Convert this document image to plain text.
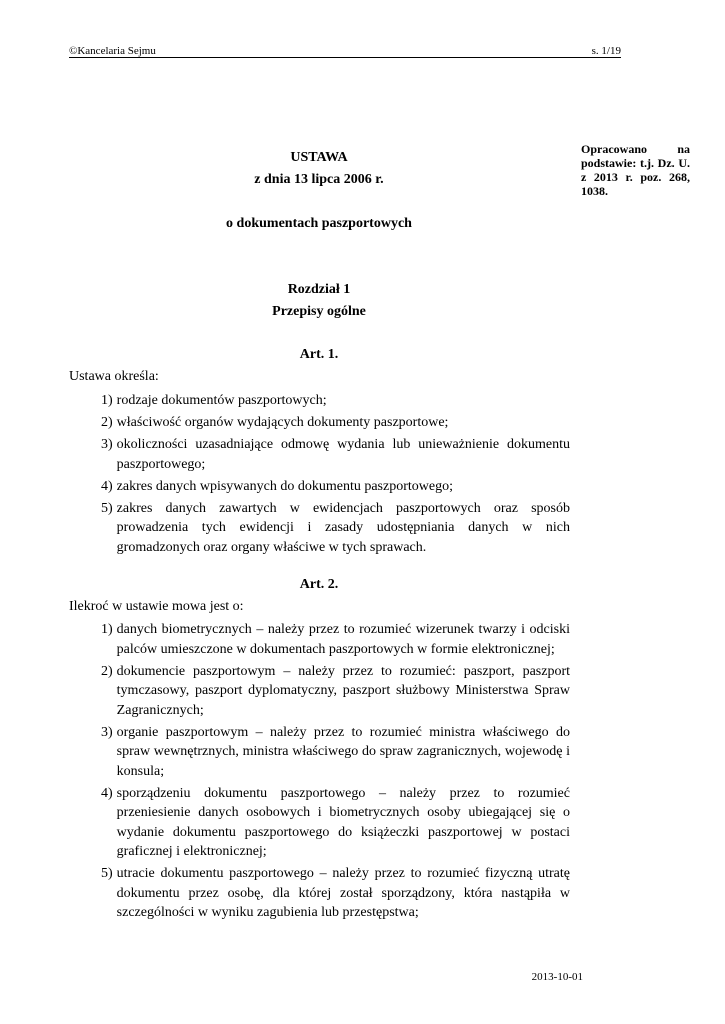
©Kancelaria Sejmu	s. 1/19
Opracowano na podstawie: t.j. Dz. U. z 2013 r. poz. 268, 1038.
USTAWA
z dnia 13 lipca 2006 r.
o dokumentach paszportowych
Rozdział 1
Przepisy ogólne
Art. 1.
Ustawa określa:
1) rodzaje dokumentów paszportowych;
2) właściwość organów wydających dokumenty paszportowe;
3) okoliczności uzasadniające odmowę wydania lub unieważnienie dokumentu paszportowego;
4) zakres danych wpisywanych do dokumentu paszportowego;
5) zakres danych zawartych w ewidencjach paszportowych oraz sposób prowadzenia tych ewidencji i zasady udostępniania danych w nich gromadzonych oraz organy właściwe w tych sprawach.
Art. 2.
Ilekroć w ustawie mowa jest o:
1) danych biometrycznych – należy przez to rozumieć wizerunek twarzy i odciski palców umieszczone w dokumentach paszportowych w formie elektronicznej;
2) dokumencie paszportowym – należy przez to rozumieć: paszport, paszport tymczasowy, paszport dyplomatyczny, paszport służbowy Ministerstwa Spraw Zagranicznych;
3) organie paszportowym – należy przez to rozumieć ministra właściwego do spraw wewnętrznych, ministra właściwego do spraw zagranicznych, wojewodę i konsula;
4) sporządzeniu dokumentu paszportowego – należy przez to rozumieć przeniesienie danych osobowych i biometrycznych osoby ubiegającej się o wydanie dokumentu paszportowego do książeczki paszportowej w postaci graficznej i elektronicznej;
5) utracie dokumentu paszportowego – należy przez to rozumieć fizyczną utratę dokumentu przez osobę, dla której został sporządzony, która nastąpiła w szczególności w wyniku zagubienia lub przestępstwa;
2013-10-01
